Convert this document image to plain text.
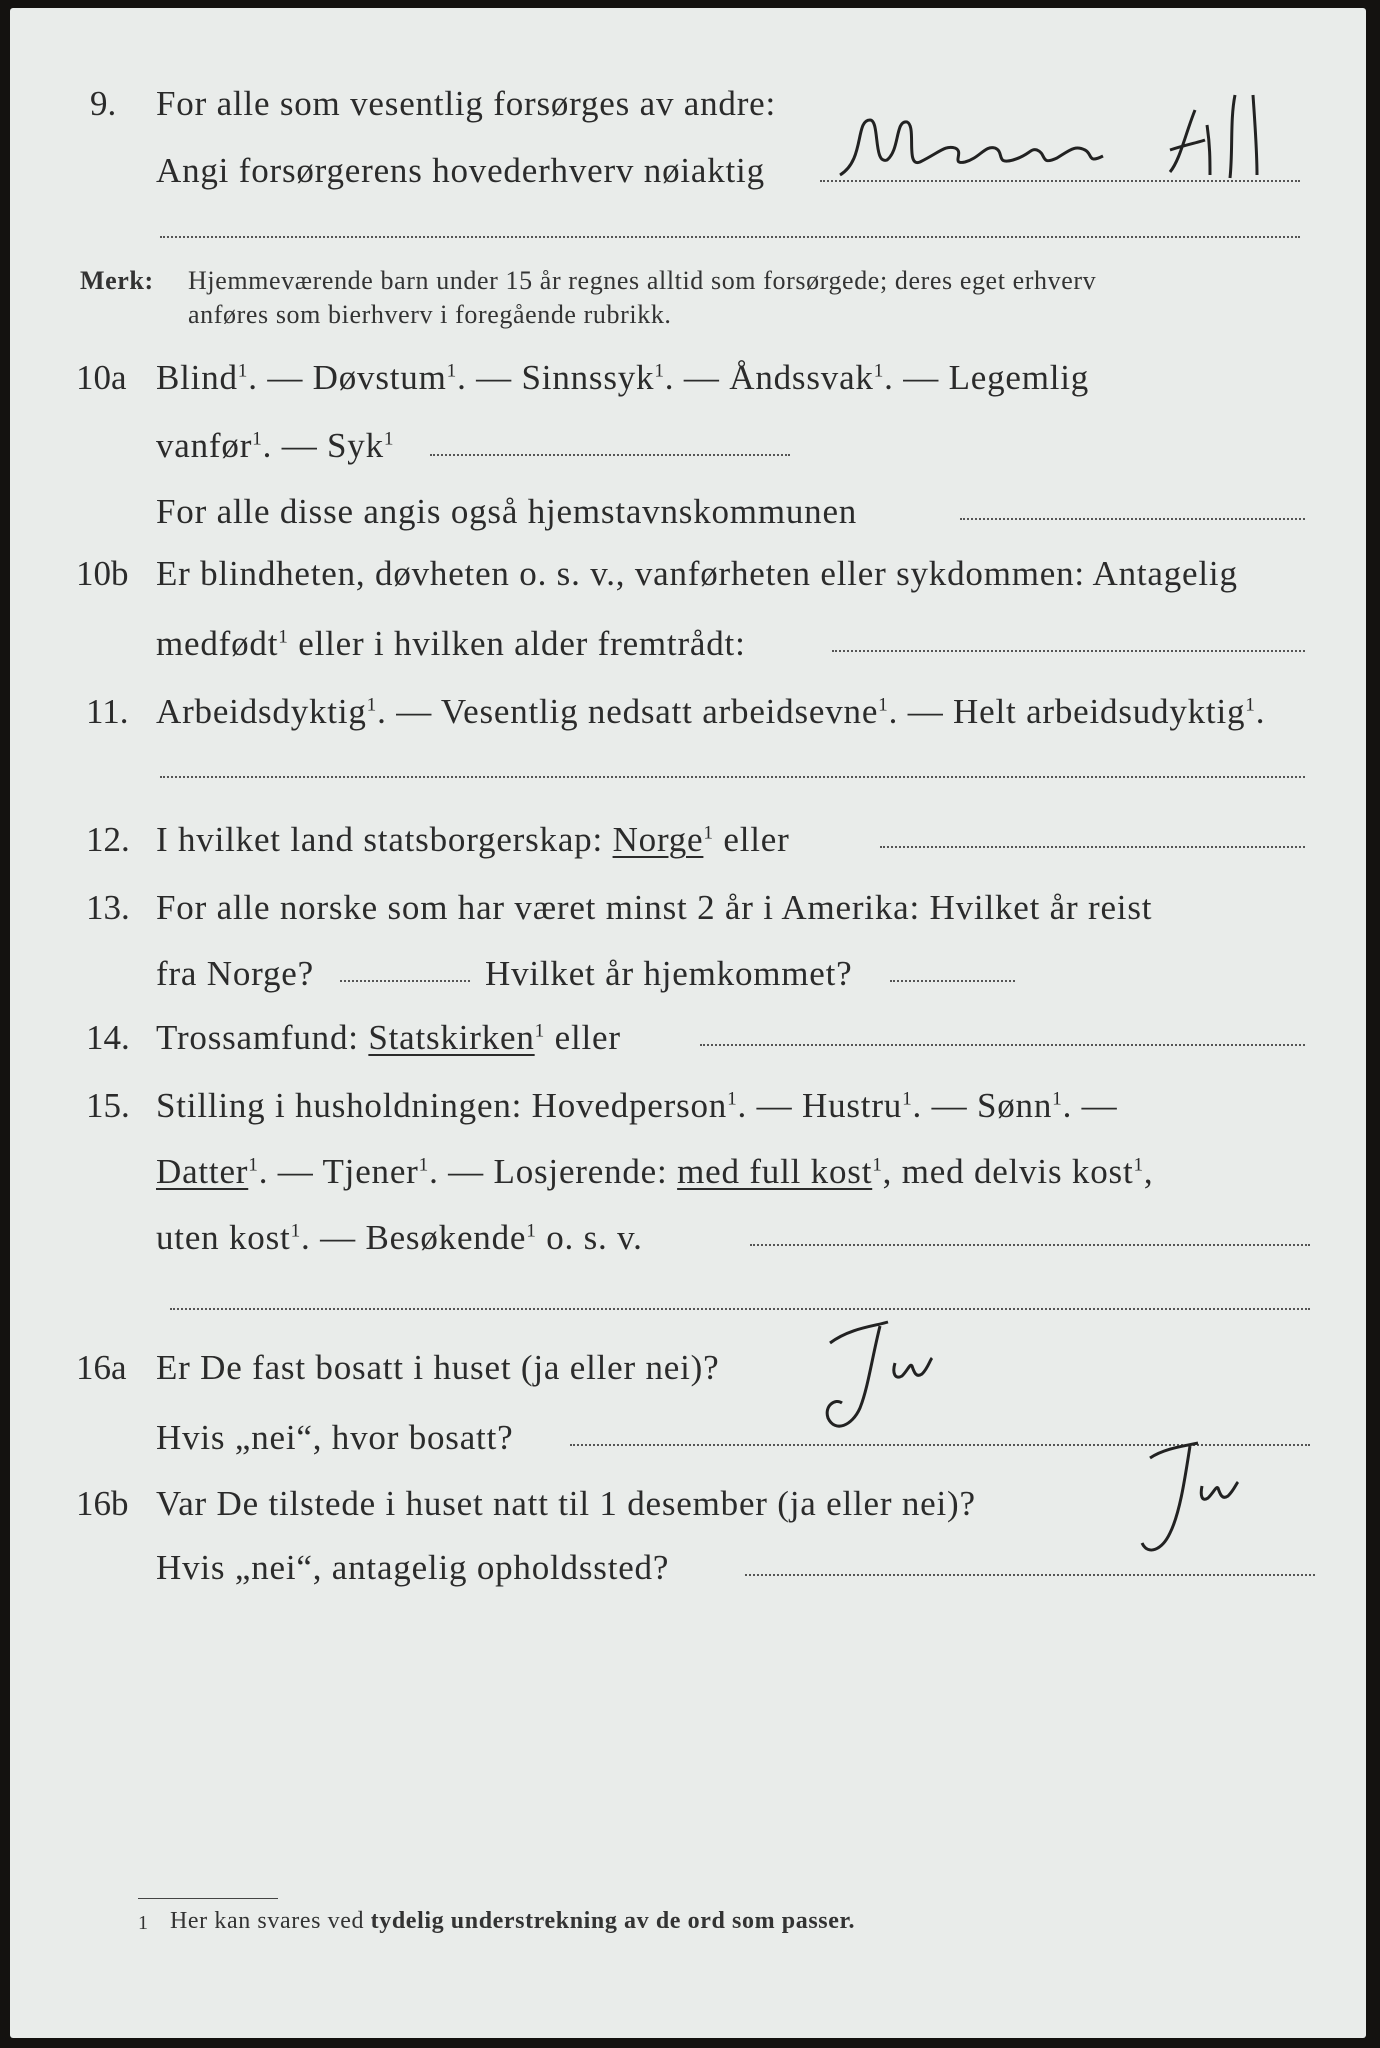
9. For alle som vesentlig forsørges av andre:
Angi forsørgerens hovederhverv nøiaktig
Merk: Hjemmeværende barn under 15 år regnes alltid som forsørgede; deres eget erhverv
anføres som bierhverv i foregående rubrikk.
10a Blind$^1$. — Døvstum$^1$. — Sinnssyk$^1$. — Åndssvak$^1$. — Legemlig
vanfør$^1$. — Syk$^1$
For alle disse angis også hjemstavnskommunen
10b Er blindheten, døvheten o. s. v., vanførheten eller sykdommen: Antagelig
medfødt$^1$ eller i hvilken alder fremtrådt:
11. Arbeidsdyktig$^1$. — Vesentlig nedsatt arbeidsevne$^1$. — Helt arbeidsudyktig$^1$.
12. I hvilket land statsborgerskap: Norge$^1$ eller
13. For alle norske som har været minst 2 år i Amerika: Hvilket år reist
fra Norge?	Hvilket år hjemkommet?
14. Trossamfund: Statskirken$^1$ eller
15. Stilling i husholdningen: Hovedperson$^1$. — Hustru$^1$. — Sønn$^1$. —
Datter$^1$. — Tjener$^1$. — Losjerende: med full kost$^1$, med delvis kost$^1$,
uten kost$^1$. — Besøkende$^1$ o. s. v.
16a Er De fast bosatt i huset (ja eller nei)?
Hvis „nei“, hvor bosatt?
16b Var De tilstede i huset natt til 1 desember (ja eller nei)?
Hvis „nei“, antagelig opholdssted?
1 Her kan svares ved tydelig understrekning av de ord som passer.
